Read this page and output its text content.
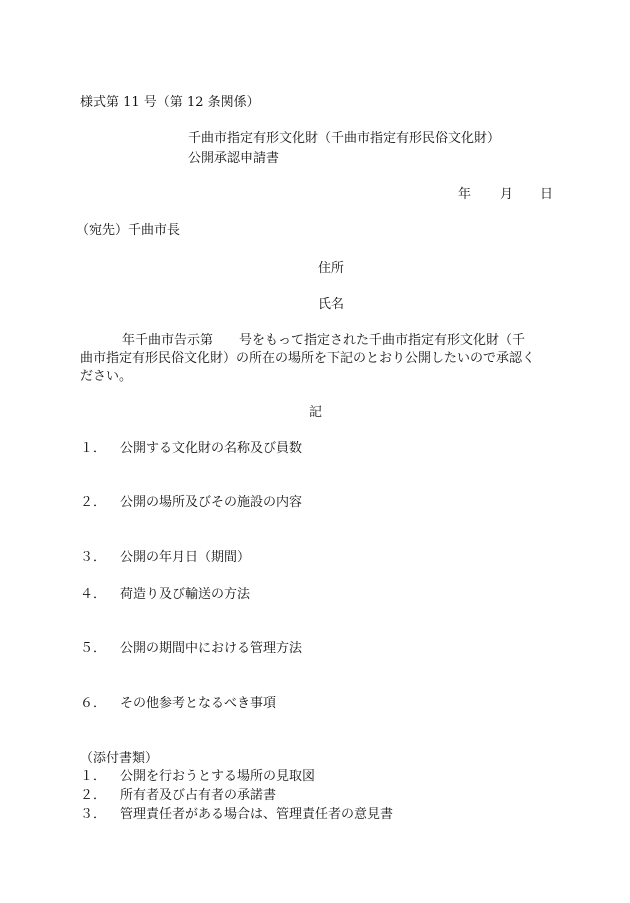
様式第 11 号（第 12 条関係）
千曲市指定有形文化財（千曲市指定有形民俗文化財）
公開承認申請書
年 月 日
（宛先）千曲市長
住所
氏名
年千曲市告示第　　号をもって指定された千曲市指定有形文化財（千
曲市指定有形民俗文化財）の所在の場所を下記のとおり公開したいので承認く
ださい。
記
１． 公開する文化財の名称及び員数
２． 公開の場所及びその施設の内容
３． 公開の年月日（期間）
４． 荷造り及び輸送の方法
５． 公開の期間中における管理方法
６． その他参考となるべき事項
（添付書類）
１． 公開を行おうとする場所の見取図
２． 所有者及び占有者の承諾書
３． 管理責任者がある場合は、管理責任者の意見書
